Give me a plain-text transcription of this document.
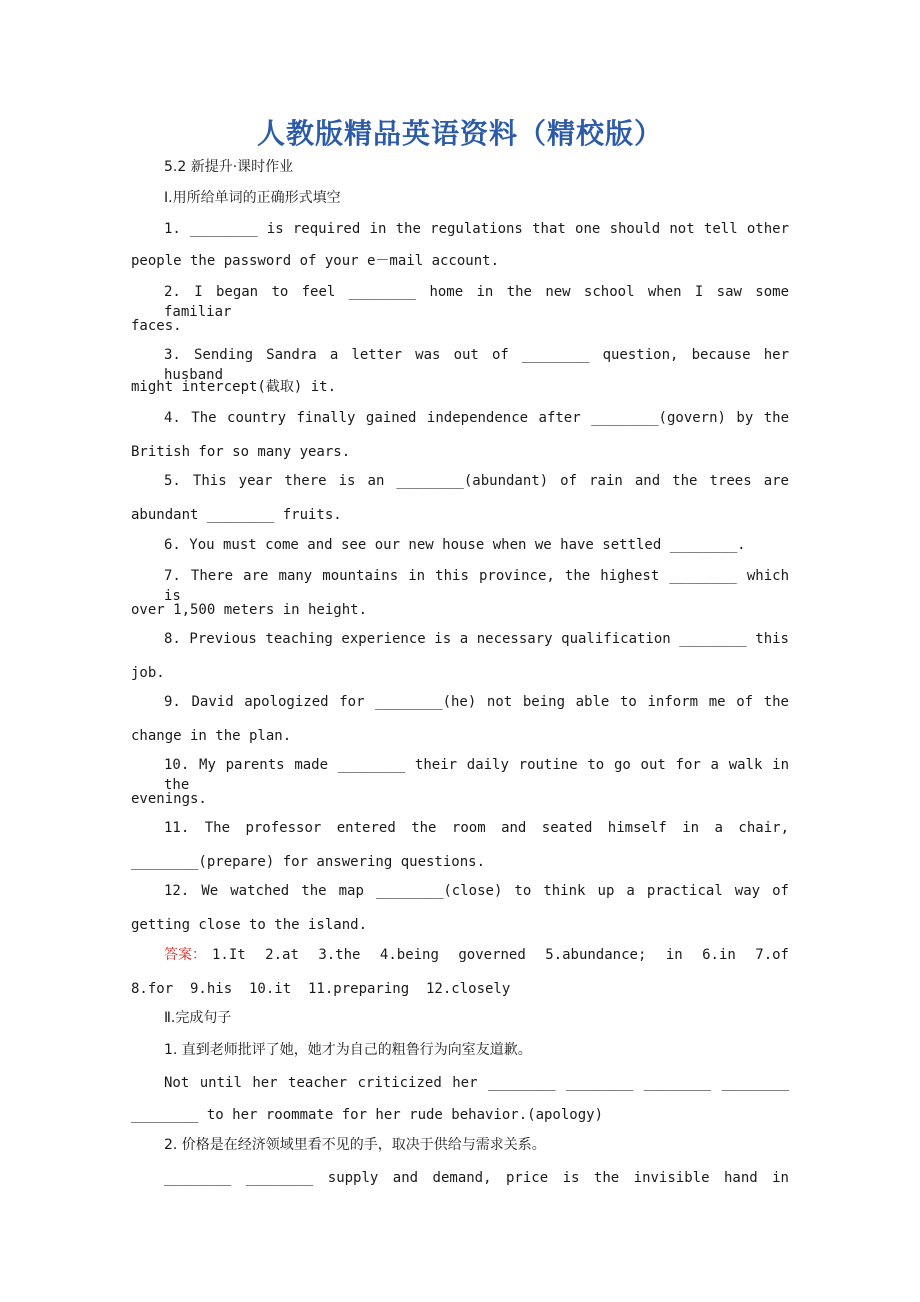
人教版精品英语资料（精校版）
5.2 新提升·课时作业
Ⅰ.用所给单词的正确形式填空
1. ________ is required in the regulations that one should not tell other
people the password of your e－mail account.
2. I began to feel ________ home in the new school when I saw some familiar
faces.
3. Sending Sandra a letter was out of ________ question, because her husband
might intercept(截取) it.
4. The country finally gained independence after ________(govern) by the
British for so many years.
5. This year there is an ________(abundant) of rain and the trees are
abundant ________ fruits.
6. You must come and see our new house when we have settled ________.
7. There are many mountains in this province, the highest ________ which is
over 1,500 meters in height.
8. Previous teaching experience is a necessary qualification ________ this
job.
9. David apologized for ________(he) not being able to inform me of the
change in the plan.
10. My parents made ________ their daily routine to go out for a walk in the
evenings.
11. The professor entered the room and seated himself in a chair,
________(prepare) for answering questions.
12. We watched the map ________(close) to think up a practical way of
getting close to the island.
答案： 1.It 2.at 3.the 4.being governed 5.abundance; in 6.in 7.of
8.for  9.his  10.it  11.preparing  12.closely
Ⅱ.完成句子
1. 直到老师批评了她，她才为自己的粗鲁行为向室友道歉。
Not until her teacher criticized her ________ ________ ________ ________
________ to her roommate for her rude behavior.(apology)
2. 价格是在经济领域里看不见的手，取决于供给与需求关系。
________ ________ supply and demand, price is the invisible hand in
